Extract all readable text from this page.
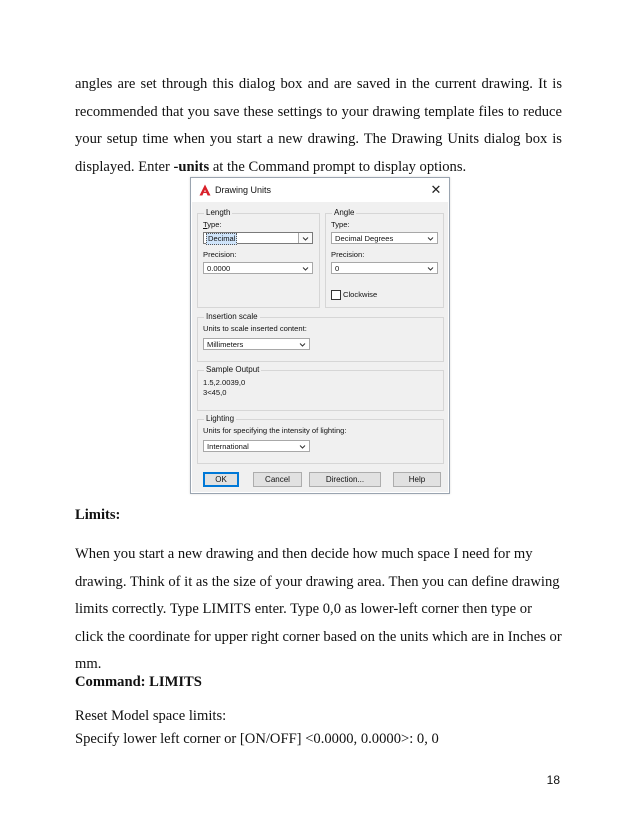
angles are set through this dialog box and are saved in the current drawing. It is
recommended that you save these settings to your drawing template files to reduce
your setup time when you start a new drawing. The Drawing Units dialog box is
displayed. Enter -units at the Command prompt to display options.
Drawing Units	✕
Length
Type:
Decimal
Precision:
0.0000
Angle
Type:
Decimal Degrees
Precision:
0
Clockwise
Insertion scale
Units to scale inserted content:
Millimeters
Sample Output
1.5,2.0039,0
3<45,0
Lighting
Units for specifying the intensity of lighting:
International
OK	Cancel	Direction...	Help
Limits:
When you start a new drawing and then decide how much space I need for my
drawing. Think of it as the size of your drawing area. Then you can define drawing
limits correctly. Type LIMITS enter. Type 0,0 as lower-left corner then type or
click the coordinate for upper right corner based on the units which are in Inches or
mm.
Command: LIMITS
Reset Model space limits:
Specify lower left corner or [ON/OFF] <0.0000, 0.0000>: 0, 0
18
